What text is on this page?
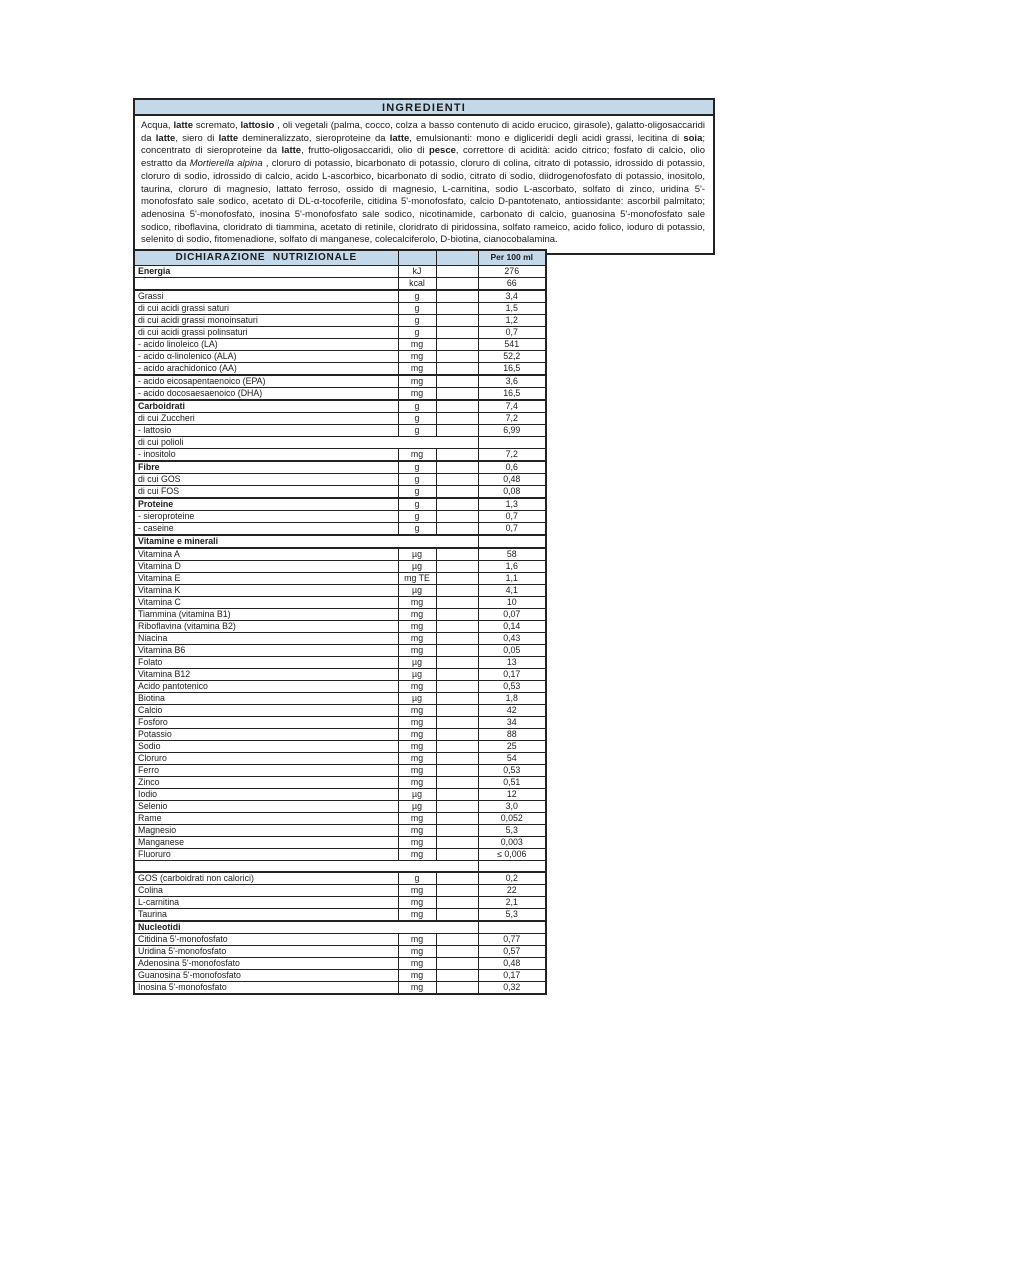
INGREDIENTI
Acqua, latte scremato, lattosio , oli vegetali (palma, cocco, colza a basso contenuto di acido erucico, girasole), galatto-oligosaccaridi da latte, siero di latte demineralizzato, sieroproteine da latte, emulsionanti: mono e digliceridi degli acidi grassi, lecitina di soia; concentrato di sieroproteine da latte, frutto-oligosaccaridi, olio di pesce, correttore di acidità: acido citrico; fosfato di calcio, olio estratto da Mortierella alpina , cloruro di potassio, bicarbonato di potassio, cloruro di colina, citrato di potassio, idrossido di potassio, cloruro di sodio, idrossido di calcio, acido L-ascorbico, bicarbonato di sodio, citrato di sodio, diidrogenofosfato di potassio, inositolo, taurina, cloruro di magnesio, lattato ferroso, ossido di magnesio, L-carnitina, sodio L-ascorbato, solfato di zinco, uridina 5'-monofosfato sale sodico, acetato di DL-α-tocoferile, citidina 5'-monofosfato, calcio D-pantotenato, antiossidante: ascorbil palmitato; adenosina 5'-monofosfato, inosina 5'-monofosfato sale sodico, nicotinamide, carbonato di calcio, guanosina 5'-monofosfato sale sodico, riboflavina, cloridrato di tiammina, acetato di retinile, cloridrato di piridossina, solfato rameico, acido folico, ioduro di potassio, selenito di sodio, fitomenadione, solfato di manganese, colecalciferolo, D-biotina, cianocobalamina.
DICHIARAZIONE NUTRIZIONALE			Per 100 ml
Energia	kJ		276
	kcal		66
Grassi	g		3,4
di cui acidi grassi saturi	g		1,5
di cui acidi grassi monoinsaturi	g		1,2
di cui acidi grassi polinsaturi	g		0,7
- acido linoleico (LA)	mg		541
- acido α-linolenico (ALA)	mg		52,2
- acido arachidonico (AA)	mg		16,5
- acido eicosapentaenoico (EPA)	mg		3,6
- acido docosaesaenoico (DHA)	mg		16,5
Carboidrati	g		7,4
di cui Zuccheri	g		7,2
- lattosio	g		6,99
di cui polioli			
- inositolo	mg		7,2
Fibre	g		0,6
di cui GOS	g		0,48
di cui FOS	g		0,08
Proteine	g		1,3
- sieroproteine	g		0,7
- caseine	g		0,7
Vitamine e minerali			
Vitamina A	µg		58
Vitamina D	µg		1,6
Vitamina E	mg TE		1,1
Vitamina K	µg		4,1
Vitamina C	mg		10
Tiammina (vitamina B1)	mg		0,07
Riboflavina (vitamina B2)	mg		0,14
Niacina	mg		0,43
Vitamina B6	mg		0,05
Folato	µg		13
Vitamina B12	µg		0,17
Acido pantotenico	mg		0,53
Biotina	µg		1,8
Calcio	mg		42
Fosforo	mg		34
Potassio	mg		88
Sodio	mg		25
Cloruro	mg		54
Ferro	mg		0,53
Zinco	mg		0,51
Iodio	µg		12
Selenio	µg		3,0
Rame	mg		0,052
Magnesio	mg		5,3
Manganese	mg		0,003
Fluoruro	mg		≤ 0,006

GOS (carboidrati non calorici)	g		0,2
Colina	mg		22
L-carnitina	mg		2,1
Taurina	mg		5,3
Nucleotidi			
Citidina 5'-monofosfato	mg		0,77
Uridina 5'-monofosfato	mg		0,57
Adenosina 5'-monofosfato	mg		0,48
Guanosina 5'-monofosfato	mg		0,17
Inosina 5'-monofosfato	mg		0,32
